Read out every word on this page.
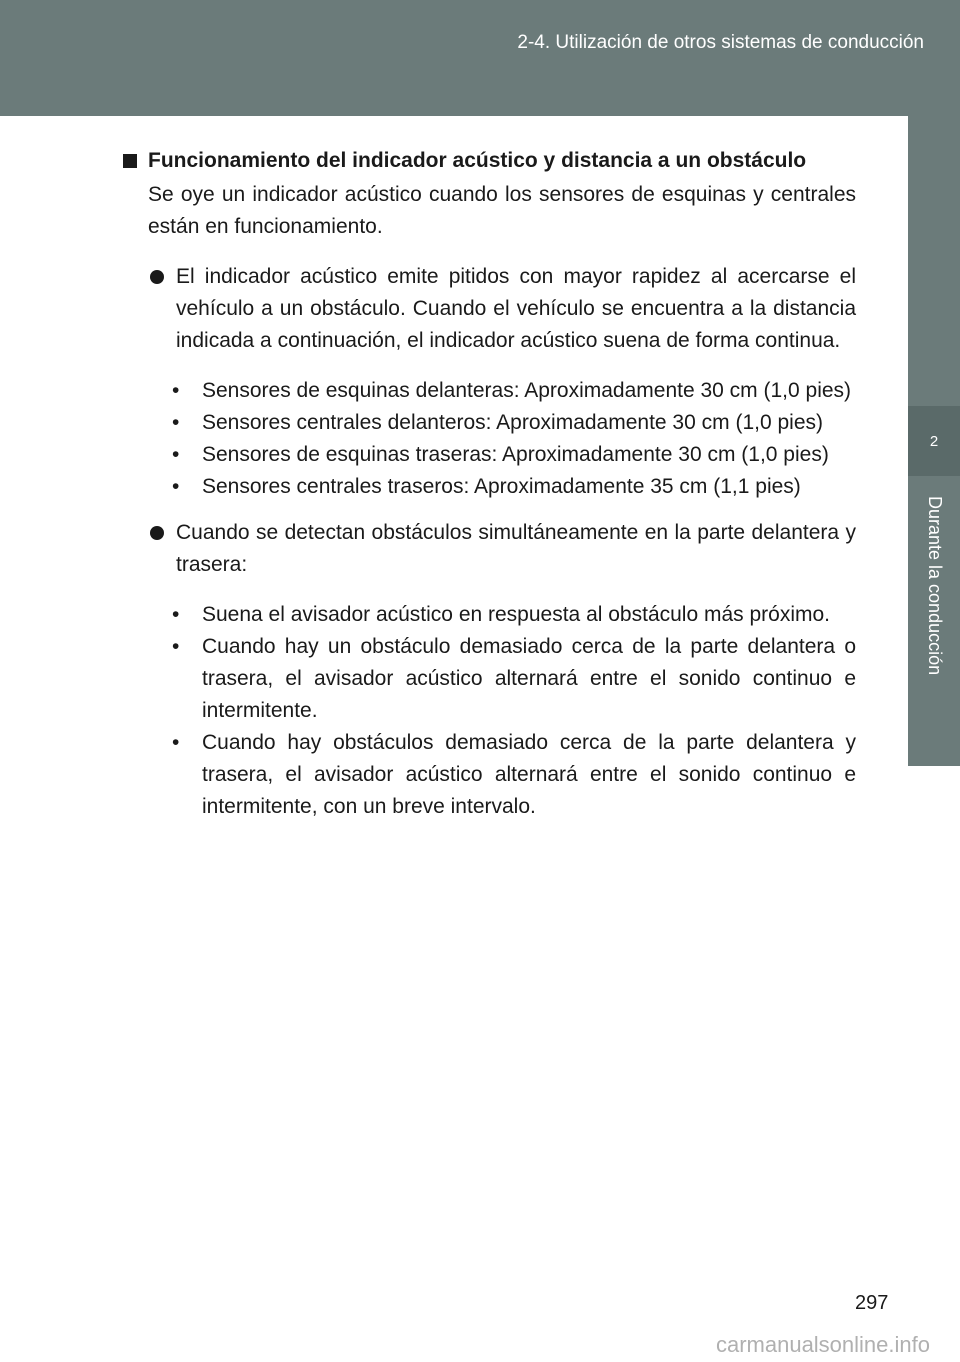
2-4. Utilización de otros sistemas de conducción
2
Durante la conducción
Funcionamiento del indicador acústico y distancia a un obstáculo
Se oye un indicador acústico cuando los sensores de esquinas y centrales están en funcionamiento.
El indicador acústico emite pitidos con mayor rapidez al acercarse el vehículo a un obstáculo. Cuando el vehículo se encuentra a la distancia indicada a continuación, el indicador acústico suena de forma continua.
• Sensores de esquinas delanteras: Aproximadamente 30 cm (1,0 pies)
• Sensores centrales delanteros: Aproximadamente 30 cm (1,0 pies)
• Sensores de esquinas traseras: Aproximadamente 30 cm (1,0 pies)
• Sensores centrales traseros: Aproximadamente 35 cm (1,1 pies)
Cuando se detectan obstáculos simultáneamente en la parte delantera y trasera:
• Suena el avisador acústico en respuesta al obstáculo más próximo.
• Cuando hay un obstáculo demasiado cerca de la parte delantera o trasera, el avisador acústico alternará entre el sonido continuo e intermitente.
• Cuando hay obstáculos demasiado cerca de la parte delantera y trasera, el avisador acústico alternará entre el sonido continuo e intermitente, con un breve intervalo.
297
carmanualsonline.info
